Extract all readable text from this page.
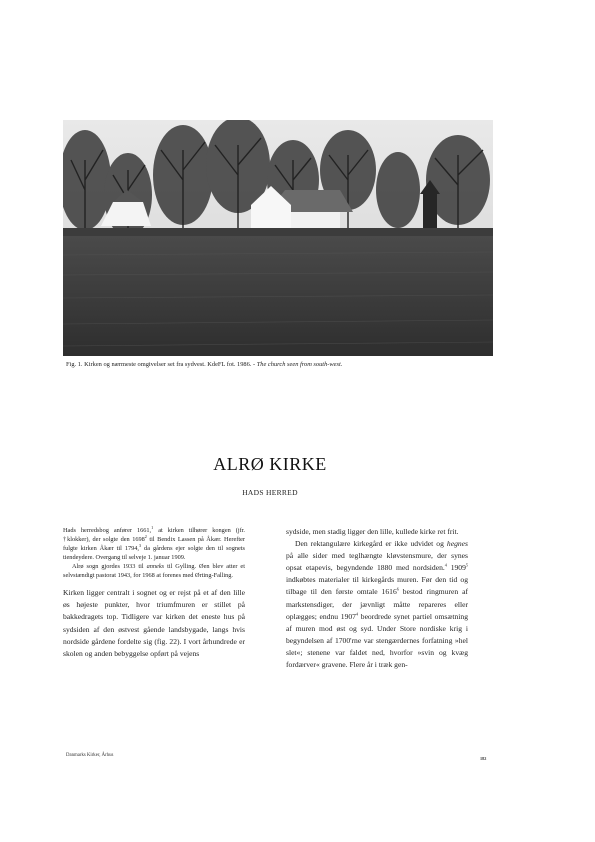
Fig. 1. Kirken og nærmeste omgivelser set fra sydvest. KdeFL fot. 1986. - The church seen from south-west.
ALRØ KIRKE
HADS HERRED

Hads herredsbog anfører 1661,$^1$ at kirken tilhører kongen (jfr. †klokker), der solgte den 1698$^2$ til Bendix Lassen på Åkær. Herefter fulgte kirken Åkær til 1794,$^3$ da gårdens ejer solgte den til sognets tiendeydere. Overgang til selveje 1. januar 1909.

Alrø sogn gjordes 1933 til anneks til Gylling. Øen blev atter et selvstændigt pastorat 1943, for 1968 at forenes med Ørting-Falling.

Kirken ligger centralt i sognet og er rejst på et af den lille øs højeste punkter, hvor triumfmuren er stillet på bakkedragets top. Tidligere var kirken det eneste hus på sydsiden af den østvest gående landsbygade, langs hvis nordside gårdene fordelte sig (fig. 22). I vort århundrede er skolen og anden bebyggelse opført på vejens

sydside, men stadig ligger den lille, kullede kirke ret frit.

Den rektangulære kirkegård er ikke udvidet og hegnes på alle sider med teglhængte kløvstensmure, der synes opsat etapevis, begyndende 1880 med nordsiden.$^4$ 1909$^5$ indkøbtes materialer til kirkegårds muren. Før den tid og tilbage til den første omtale 1616$^6$ bestod ringmuren af markstensdiger, der jævnligt måtte repareres eller oplægges; endnu 1907$^4$ beordrede synet partiel omsætning af muren mod øst og syd. Under Store nordiske krig i begyndelsen af 1700'rne var stengærdernes forfatning »hel slet«; stenene var faldet ned, hvorfor »svin og kvæg fordærver« gravene. Flere år i træk gen-

Danmarks Kirker, Århus
182
